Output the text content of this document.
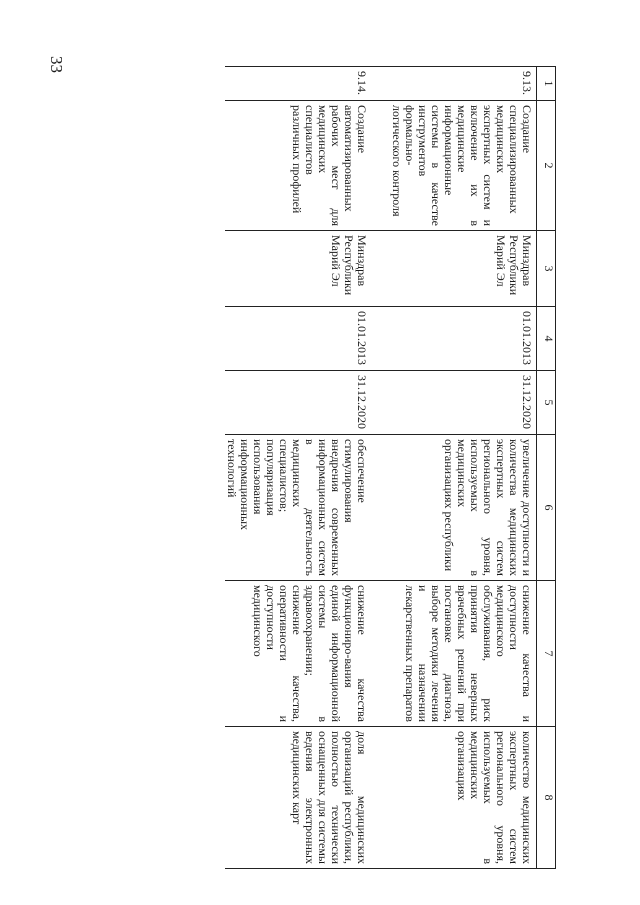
33
1	2	3	4	5	6	7	8
9.13.	Создание специализированных медицинских экспертных систем и включение их в медицинские информационные системы в качестве инструментов формально-логического контроля	Минздрав Республики Марий Эл	01.01.2013	31.12.2020	увеличение доступности и количества медицинских экспертных систем регионального уровня, используемых в медицинских организациях республики	снижение качества и доступности медицинского обслуживания, риск принятия неверных врачебных решений при постановке диагноза, выборе методики лечения и назначении лекарственных препаратов	количество медицинских экспертных систем регионального уровня, используемых в медицинских организациях
9.14.	Создание автоматизированных рабочих мест для медицинских специалистов различных профилей	Минздрав Республики Марий Эл	01.01.2013	31.12.2020	обеспечение стимулирования внедрения современных информационных систем в деятельность медицинских специалистов; популяризация использования информационных технологий	снижение качества функциониро-вания единой информационной системы в здравоохранении; снижение качества, оперативности и доступности медицинского	доля медицинских организаций республики, полностью технически оснащенных для системы ведения электронных медицинских карт
